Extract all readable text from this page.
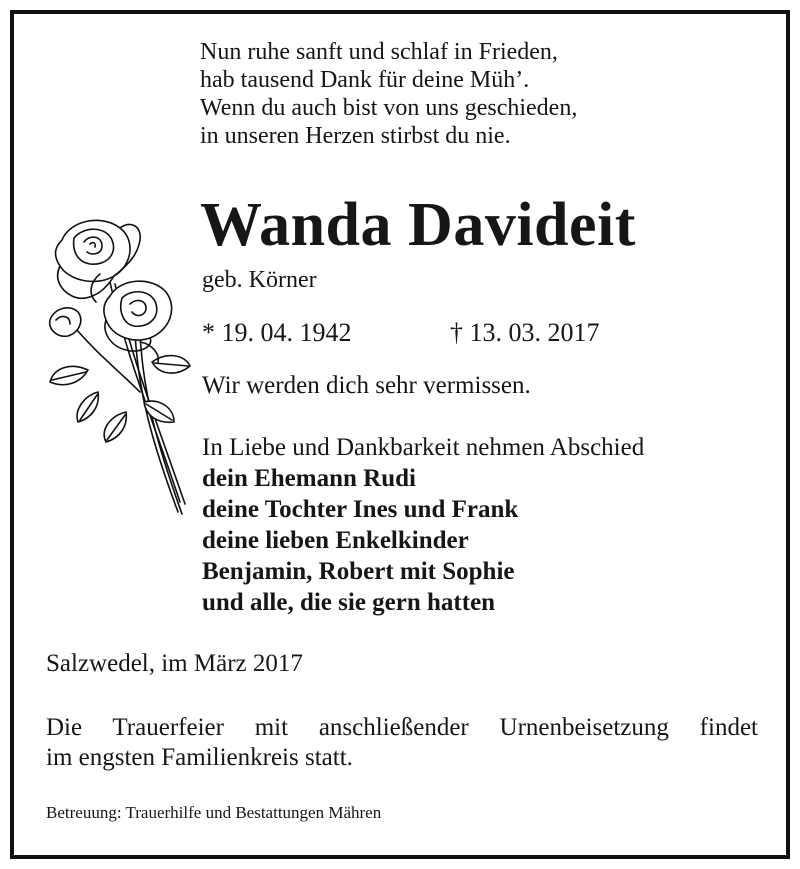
Nun ruhe sanft und schlaf in Frieden,
hab tausend Dank für deine Müh’.
Wenn du auch bist von uns geschieden,
in unseren Herzen stirbst du nie.
Wanda Davideit
geb. Körner
* 19. 04. 1942	† 13. 03. 2017
Wir werden dich sehr vermissen.
In Liebe und Dankbarkeit nehmen Abschied
dein Ehemann Rudi
deine Tochter Ines und Frank
deine lieben Enkelkinder
Benjamin, Robert mit Sophie
und alle, die sie gern hatten
Salzwedel, im März 2017
Die Trauerfeier mit anschließender Urnenbeisetzung findet
im engsten Familienkreis statt.
Betreuung: Trauerhilfe und Bestattungen Mähren
